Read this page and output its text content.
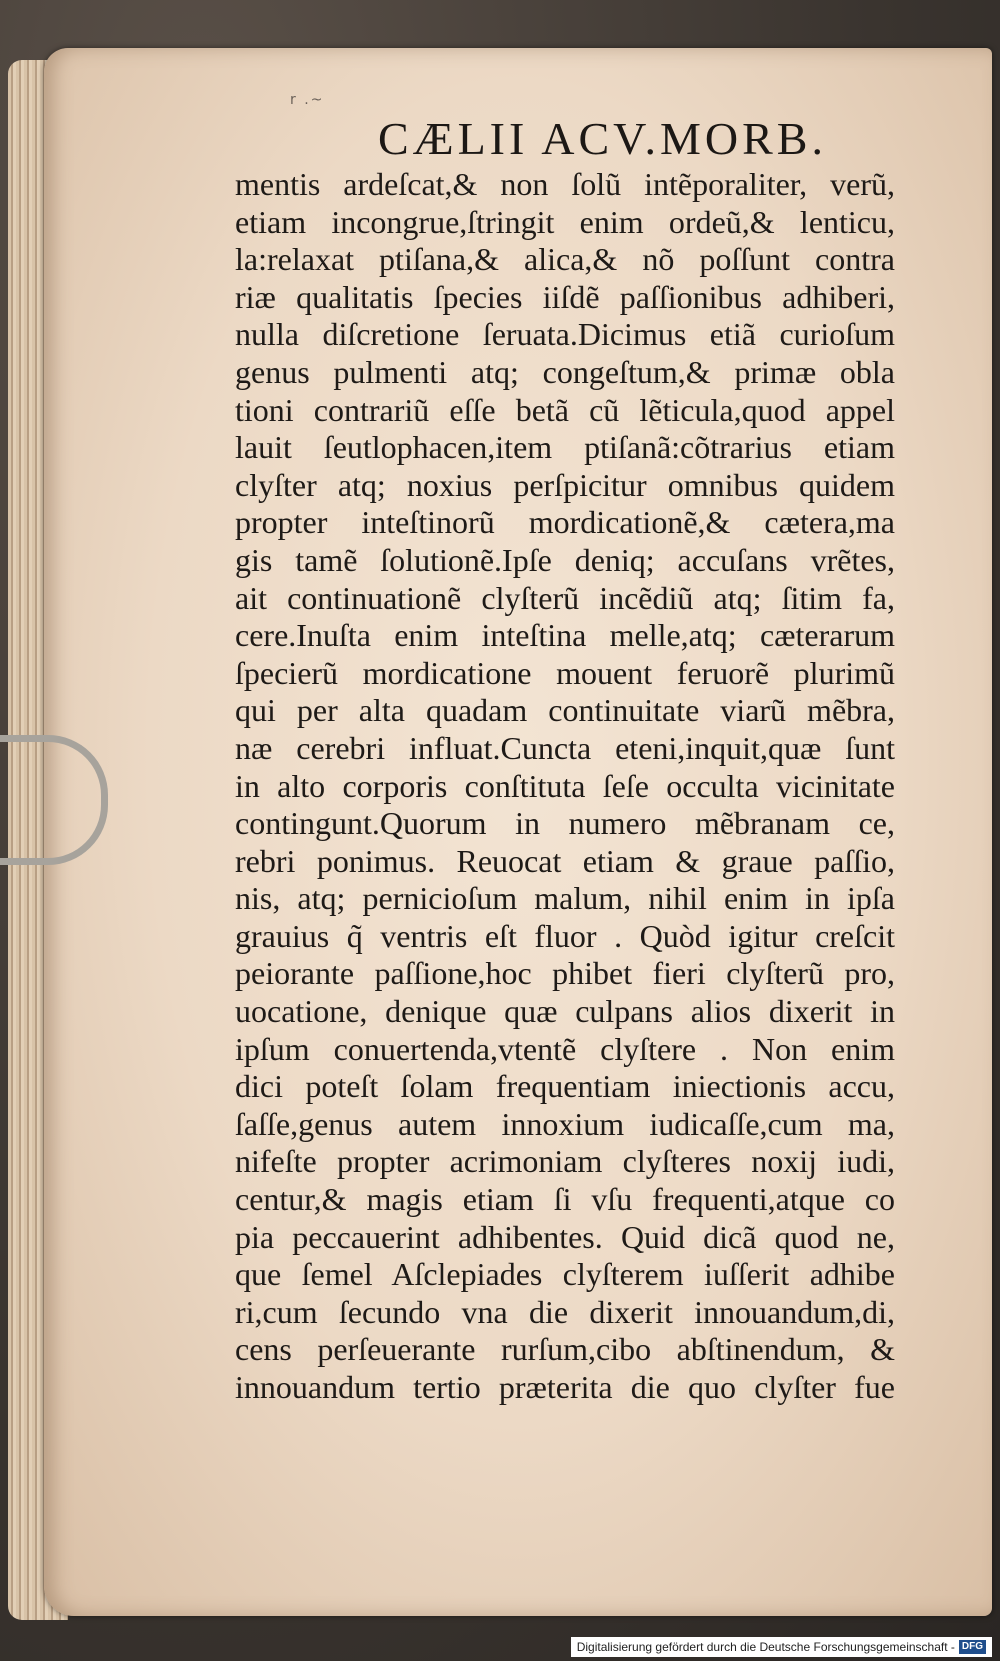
r .~
CÆLII ACV.MORB.
mentis ardeſcat,& non ſolũ intẽporaliter, verũ,
etiam incongrue,ſtringit enim ordeũ,& lenticu,
la:relaxat ptiſana,& alica,& nõ poſſunt contra
riæ qualitatis ſpecies iiſdẽ paſſionibus adhiberi,
nulla diſcretione ſeruata.Dicimus etiã curioſum
genus pulmenti atq; congeſtum,& primæ obla
tioni contrariũ eſſe betã cũ lẽticula,quod appel
lauit ſeutlophacen,item ptiſanã:cõtrarius etiam
clyſter atq; noxius perſpicitur omnibus quidem
propter inteſtinorũ mordicationẽ,& cætera,ma
gis tamẽ ſolutionẽ.Ipſe deniq; accuſans vrẽtes,
ait continuationẽ clyſterũ incẽdiũ atq; ſitim fa,
cere.Inuſta enim inteſtina melle,atq; cæterarum
ſpecierũ mordicatione mouent feruorẽ plurimũ
qui per alta quadam continuitate viarũ mẽbra,
næ cerebri influat.Cuncta eteni,inquit,quæ ſunt
in alto corporis conſtituta ſeſe occulta vicinitate
contingunt.Quorum in numero mẽbranam ce,
rebri ponimus. Reuocat etiam & graue paſſio,
nis, atq; pernicioſum malum, nihil enim in ipſa
grauius q̃ ventris eſt fluor . Quòd igitur creſcit
peiorante paſſione,hoc phibet fieri clyſterũ pro,
uocatione, denique quæ culpans alios dixerit in
ipſum conuertenda,vtentẽ clyſtere . Non enim
dici poteſt ſolam frequentiam iniectionis accu,
ſaſſe,genus autem innoxium iudicaſſe,cum ma,
nifeſte propter acrimoniam clyſteres noxij iudi,
centur,& magis etiam ſi vſu frequenti,atque co
pia peccauerint adhibentes. Quid dicã quod ne,
que ſemel Aſclepiades clyſterem iuſſerit adhibe
ri,cum ſecundo vna die dixerit innouandum,di,
cens perſeuerante rurſum,cibo abſtinendum, &
innouandum tertio præterita die quo clyſter fue
Digitalisierung gefördert durch die Deutsche Forschungsgemeinschaft - DFG
